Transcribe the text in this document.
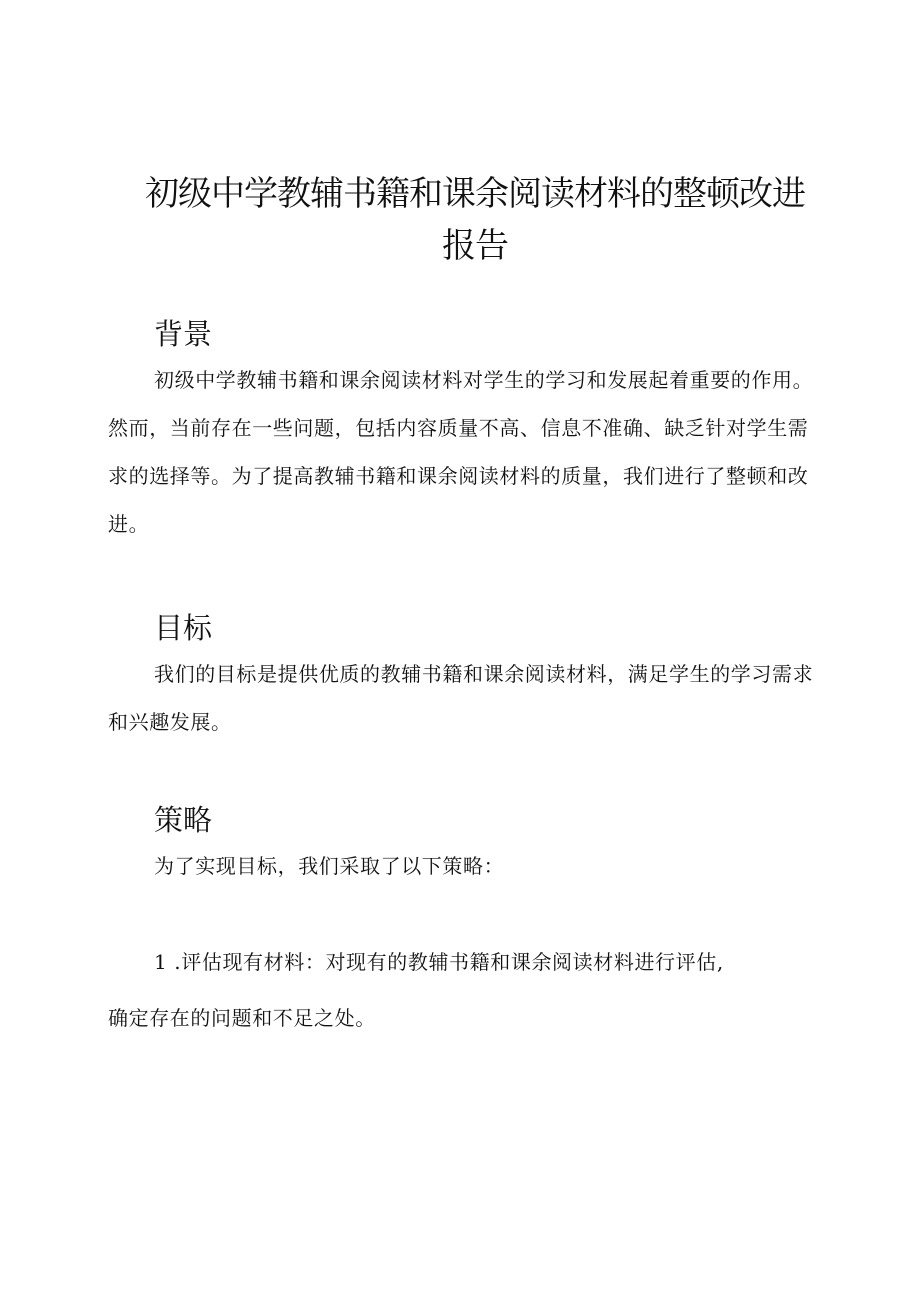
初级中学教辅书籍和课余阅读材料的整顿改进报告
背景

初级中学教辅书籍和课余阅读材料对学生的学习和发展起着重要的作用。然而，当前存在一些问题，包括内容质量不高、信息不准确、缺乏针对学生需求的选择等。为了提高教辅书籍和课余阅读材料的质量，我们进行了整顿和改进。

目标

我们的目标是提供优质的教辅书籍和课余阅读材料，满足学生的学习需求和兴趣发展。

策略

为了实现目标，我们采取了以下策略：

1 .评估现有材料：对现有的教辅书籍和课余阅读材料进行评估,
确定存在的问题和不足之处。
